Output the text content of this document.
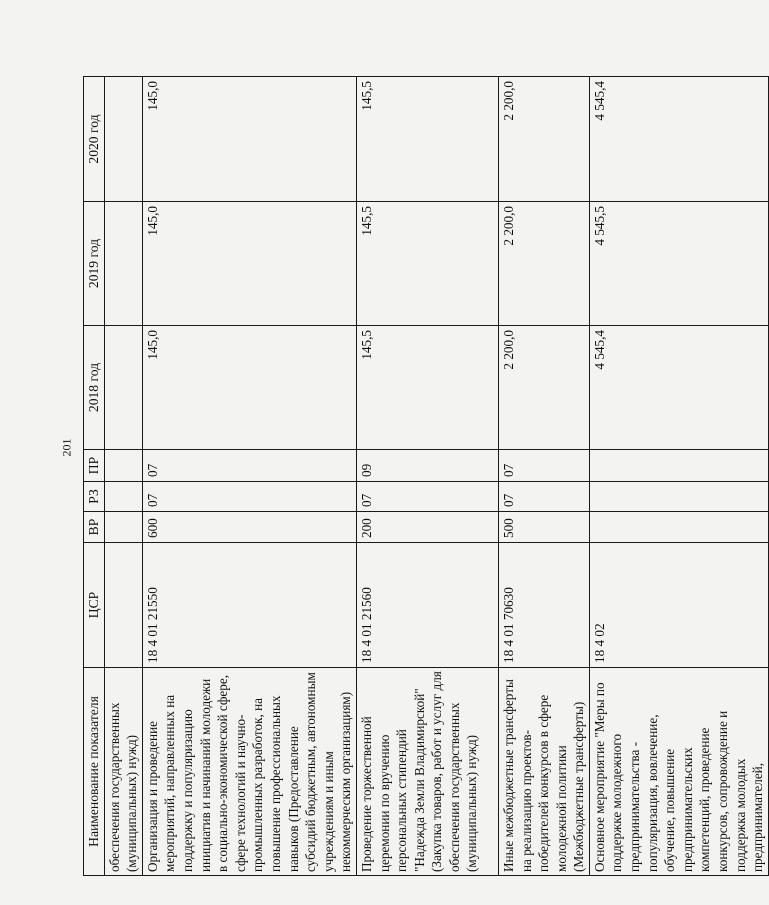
201
Наименование показателя	ЦСР	ВР	РЗ	ПР	2018 год	2019 год	2020 год
обеспечения государственных (муниципальных) нужд)							
Организация и проведение мероприятий, направленных на поддержку и популяризацию инициатив и начинаний молодежи в социально-экономической сфере, сфере технологий и научно-промышленных разработок, на повышение профессиональных навыков (Предоставление субсидий бюджетным, автономным учреждениям и иным некоммерческим организациям)	18 4 01 21550	600	07	07	145,0	145,0	145,0
Проведение торжественной церемонии по вручению персональных стипендий "Надежда Земли Владимирской" (Закупка товаров, работ и услуг для обеспечения государственных (муниципальных) нужд)	18 4 01 21560	200	07	09	145,5	145,5	145,5
Иные межбюджетные трансферты на реализацию проектов-победителей конкурсов в сфере молодежной политики (Межбюджетные трансферты)	18 4 01 70630	500	07	07	2 200,0	2 200,0	2 200,0
Основное мероприятие "Меры по поддержке молодежного предпринимательства - популяризация, вовлечение, обучение, повышение предпринимательских компетенций, проведение конкурсов, сопровождение и поддержка молодых предпринимателей,	18 4 02				4 545,4	4 545,5	4 545,4
